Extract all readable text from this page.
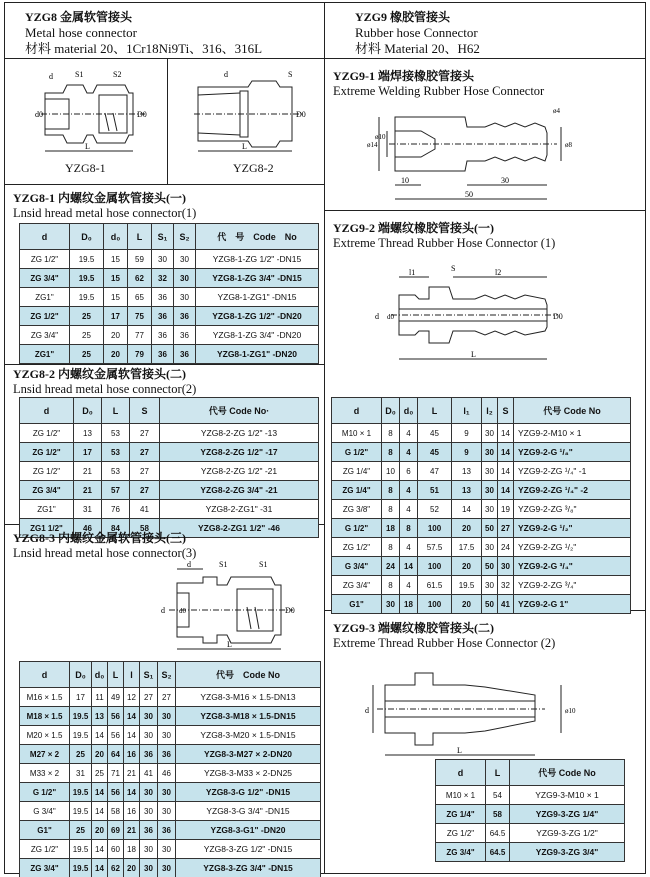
YZG8 金属软管接头
Metal hose connector
材料 material 20、1Cr18Ni9Ti、316、316L
d	S1	S2
d0	D0
L
YZG8-1
d	S
D0
L
YZG8-2
YZG8-1 内螺纹金属软管接头(一)
Lnsid hread metal hose connector(1)
d	D₀	d₀	L	S₁	S₂	代　号　Code　No
ZG 1/2"	19.5	15	59	30	30	YZG8-1-ZG 1/2" -DN15
ZG 3/4"	19.5	15	62	32	30	YZG8-1-ZG 3/4" -DN15
ZG1"	19.5	15	65	36	30	YZG8-1-ZG1" -DN15
ZG 1/2"	25	17	75	36	36	YZG8-1-ZG 1/2" -DN20
ZG 3/4"	25	20	77	36	36	YZG8-1-ZG 3/4" -DN20
ZG1"	25	20	79	36	36	YZG8-1-ZG1" -DN20
YZG8-2 内螺纹金属软管接头(二)
Lnsid hread metal hose connector(2)
d	D₀	L	S	代号 Code No·
ZG 1/2"	13	53	27	YZG8-2-ZG 1/2" -13
ZG 1/2"	17	53	27	YZG8-2-ZG 1/2" -17
ZG 1/2"	21	53	27	YZG8-2-ZG 1/2" -21
ZG 3/4"	21	57	27	YZG8-2-ZG 3/4" -21
ZG1"	31	76	41	YZG8-2-ZG1" -31
ZG1 1/2"	46	84	58	YZG8-2-ZG1 1/2" -46
YZG8-3 内螺纹金属软管接头(三)
Lnsid hread metal hose connector(3)
d	S1	S1
d d0	D0
L
d	D₀	d₀	L	l	S₁	S₂	代号　Code No
M16 × 1.5	17	11	49	12	27	27	YZG8-3-M16 × 1.5-DN13
M18 × 1.5	19.5	13	56	14	30	30	YZG8-3-M18 × 1.5-DN15
M20 × 1.5	19.5	14	56	14	30	30	YZG8-3-M20 × 1.5-DN15
M27 × 2	25	20	64	16	36	36	YZG8-3-M27 × 2-DN20
M33 × 2	31	25	71	21	41	46	YZG8-3-M33 × 2-DN25
G 1/2"	19.5	14	56	14	30	30	YZG8-3-G 1/2" -DN15
G 3/4"	19.5	14	58	16	30	30	YZG8-3-G 3/4" -DN15
G1"	25	20	69	21	36	36	YZG8-3-G1" -DN20
ZG 1/2"	19.5	14	60	18	30	30	YZG8-3-ZG 1/2" -DN15
ZG 3/4"	19.5	14	62	20	30	30	YZG8-3-ZG 3/4" -DN15
YZG9 橡胶管接头
Rubber hose Connector
材料 Material 20、H62
YZG9-1 端焊接橡胶管接头
Extreme Welding Rubber Hose Connector
ø14
ø10
ø4
ø8
10	30
50
YZG9-2 端螺纹橡胶管接头(一)
Extreme Thread Rubber Hose Connector (1)
S
l1	l2
d d0	D0
L
d	D₀	d₀	L	l₁	l₂	S	代号 Code No
M10 × 1	8	4	45	9	30	14	YZG9-2-M10 × 1
G 1/2"	8	4	45	9	30	14	YZG9-2-G ¹/₈"
ZG 1/4"	10	6	47	13	30	14	YZG9-2-ZG ¹/₄" -1
ZG 1/4"	8	4	51	13	30	14	YZG9-2-ZG ¹/₄" -2
ZG 3/8"	8	4	52	14	30	19	YZG9-2-ZG ³/₈"
G 1/2"	18	8	100	20	50	27	YZG9-2-G ¹/₂"
ZG 1/2"	8	4	57.5	17.5	30	24	YZG9-2-ZG ¹/₂"
G 3/4"	24	14	100	20	50	30	YZG9-2-G ³/₄"
ZG 3/4"	8	4	61.5	19.5	30	32	YZG9-2-ZG ³/₄"
G1"	30	18	100	20	50	41	YZG9-2-G 1"
YZG9-3 端螺纹橡胶管接头(二)
Extreme Thread Rubber Hose Connector (2)
d	ø10
L
d	L	代号 Code No
M10 × 1	54	YZG9-3-M10 × 1
ZG 1/4"	58	YZG9-3-ZG 1/4"
ZG 1/2"	64.5	YZG9-3-ZG 1/2"
ZG 3/4"	64.5	YZG9-3-ZG 3/4"
